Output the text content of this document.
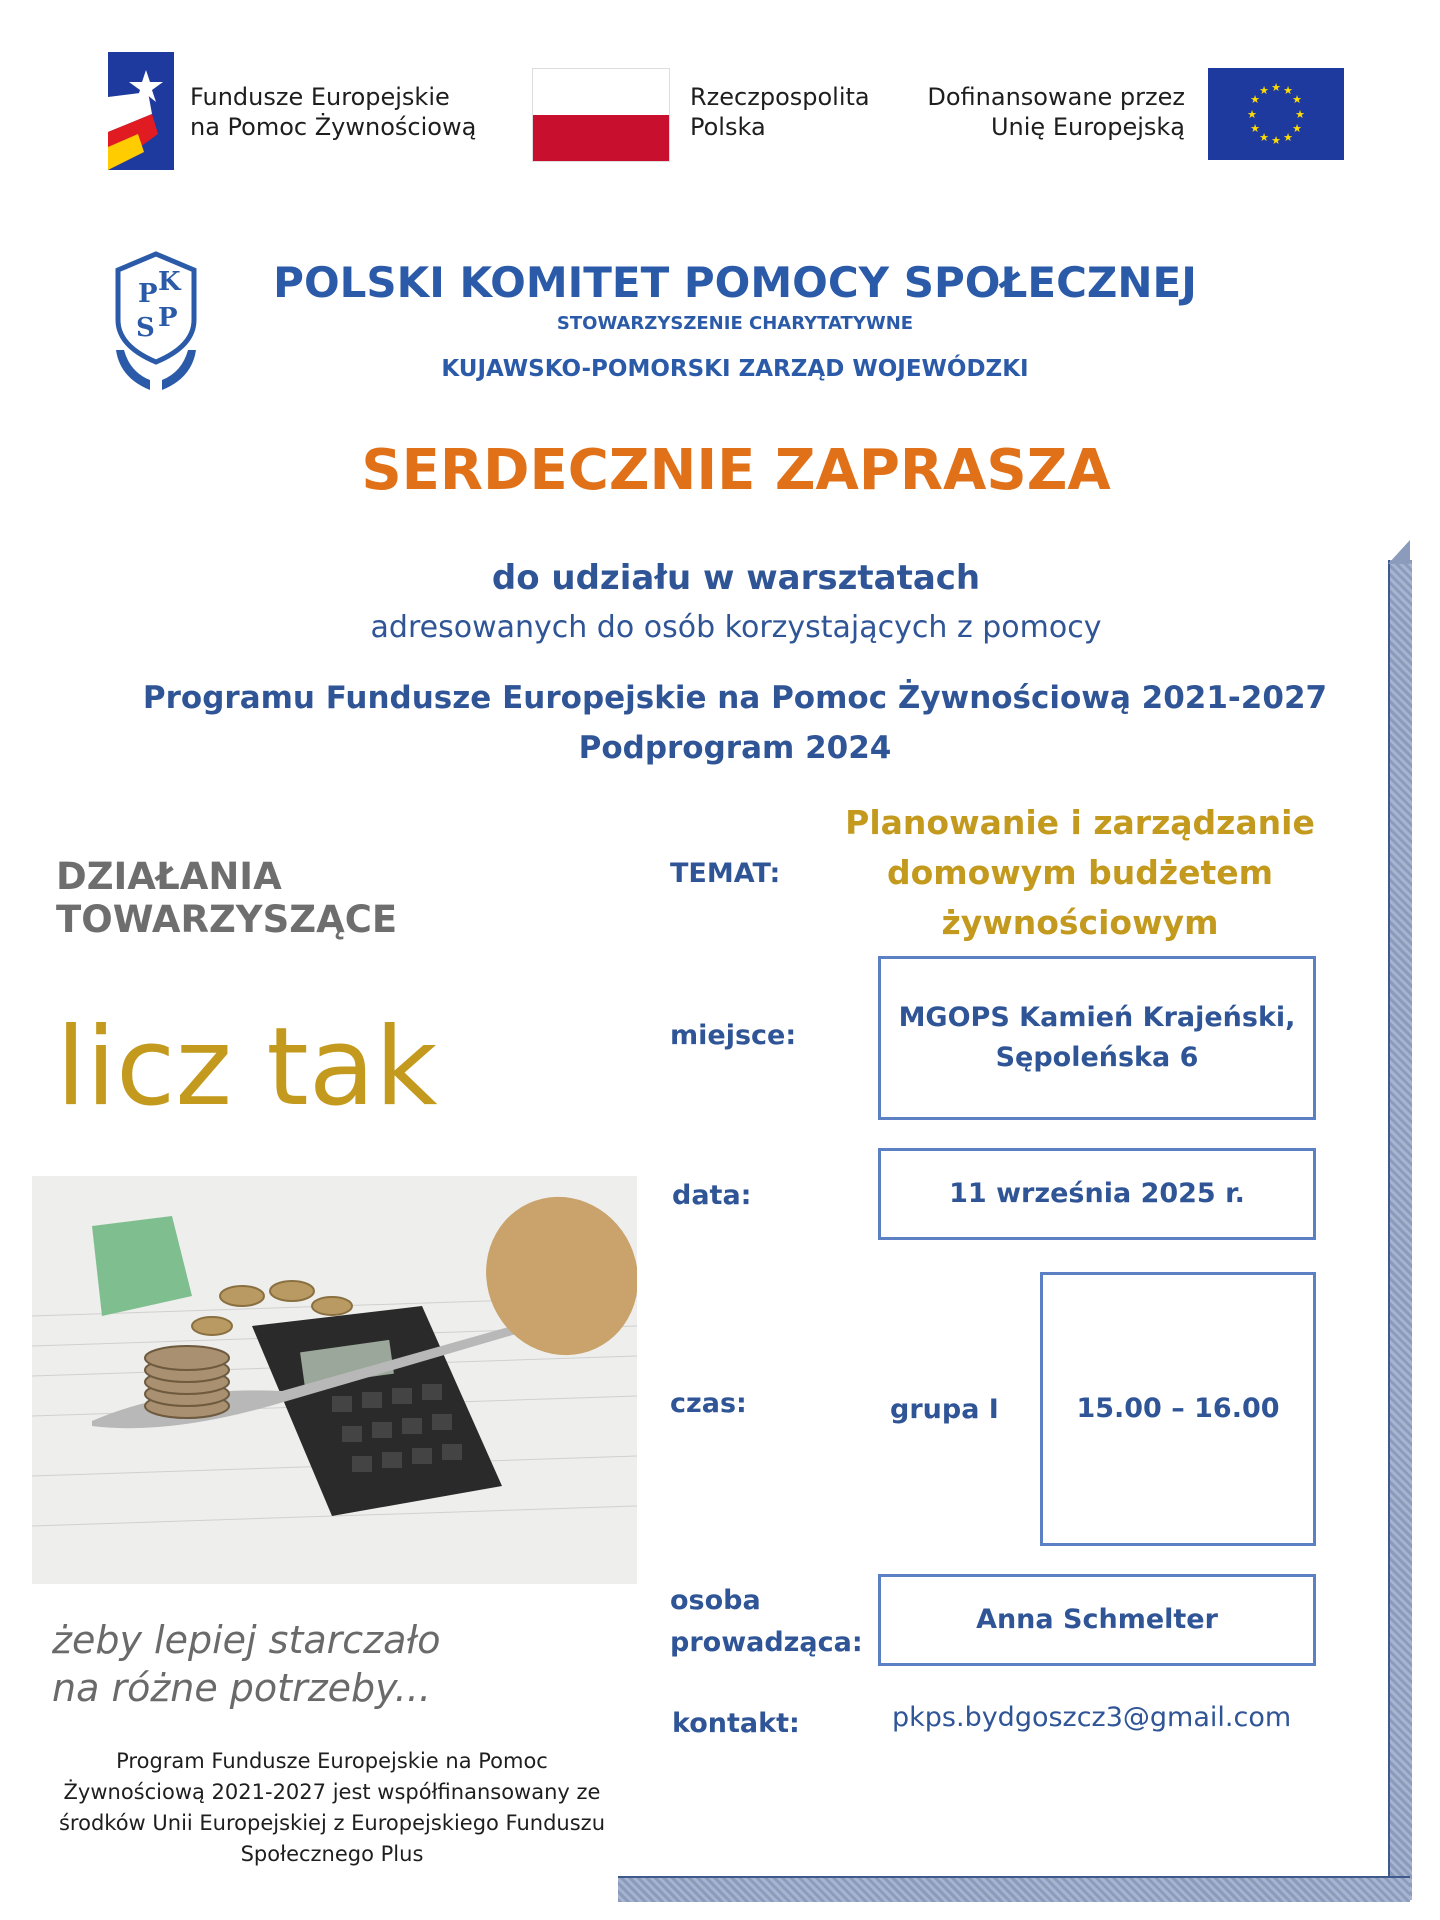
Fundusze Europejskie
na Pomoc Żywnościową
Rzeczpospolita
Polska
Dofinansowane przez
Unię Europejską
★ ★
★
★
★
★
★
★
★
★
★
★
P K
S P
POLSKI KOMITET POMOCY SPOŁECZNEJ
STOWARZYSZENIE CHARYTATYWNE
KUJAWSKO-POMORSKI ZARZĄD WOJEWÓDZKI
SERDECZNIE ZAPRASZA
do udziału w warsztatach
adresowanych do osób korzystających z pomocy
Programu Fundusze Europejskie na Pomoc Żywnościową 2021-2027
Podprogram 2024
DZIAŁANIA TOWARZYSZĄCE
licz tak
żeby lepiej starczało
na różne potrzeby...
Program Fundusze Europejskie na Pomoc
Żywnościową 2021-2027 jest współfinansowany ze
środków Unii Europejskiej z Europejskiego Funduszu
Społecznego Plus
TEMAT:
Planowanie i zarządzanie
domowym budżetem
żywnościowym
miejsce:
MGOPS Kamień Krajeński,
Sępoleńska 6
data:	11 września 2025 r.
czas:	grupa I	15.00 – 16.00
osoba
prowadząca:
Anna Schmelter
kontakt:	pkps.bydgoszcz3@gmail.com
